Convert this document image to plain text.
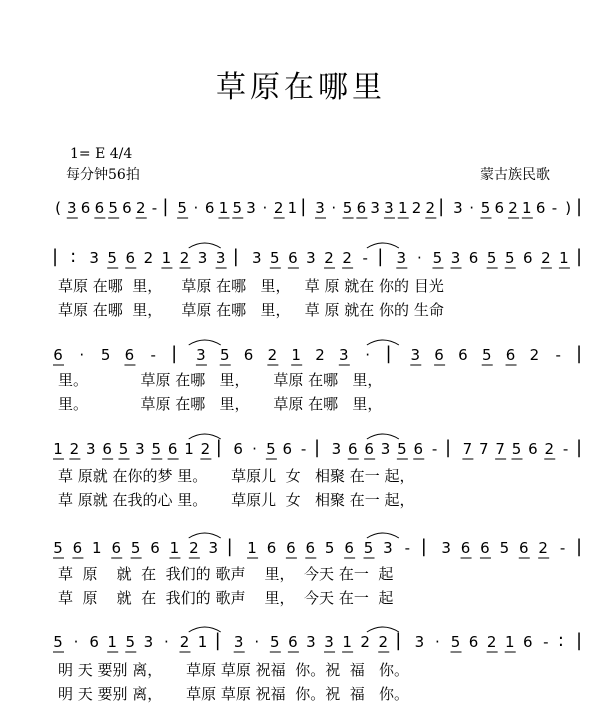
草原在哪里
1= E 4/4
每分钟56拍	蒙古族民歌
( 3 6 6 5 6 2 - | 5 · 6 1 5 3 · 2 1 | 3 · 5 6 3 3 1 2 2 | 3 · 5 6 2 1 6 - ) |
| : 3 5 6 2 1 2 3 3 | 3 5 6 3 2 2 - | 3 · 5 3 6 5 5 6 2 1 |
草原 在哪  里，    草原 在哪   里，   草 原 就在 你的 目光
草原 在哪  里，    草原 在哪   里，   草 原 就在 你的 生命
6 · 5 6 - | 3 5 6 2 1 2 3 · | 3 6 6 5 6 2 - |
里。           草原 在哪   里，     草原 在哪   里，
里。           草原 在哪   里，     草原 在哪   里，
1 2 3 6 5 3 5 6 1 2 | 6 · 5 6 - | 3 6 6 3 5 6 - | 7 7 7 5 6 2 - |
草 原就 在你的梦 里。     草原儿  女   相聚 在一 起，
草 原就 在我的心 里。     草原儿  女   相聚 在一 起，
5 6 1 6 5 6 1 2 3 | 1 6 6 6 5 6 5 3 - | 3 6 6 5 6 2 - |
草  原    就  在  我们的 歌声    里，  今天 在一  起
草  原    就  在  我们的 歌声    里，  今天 在一  起
5 · 6 1 5 3 · 2 1 | 3 · 5 6 3 3 1 2 2 | 3 · 5 6 2 1 6 - : |
明 天 要别 离，     草原 草原 祝福  你。祝  福   你。
明 天 要别 离，     草原 草原 祝福  你。祝  福   你。
